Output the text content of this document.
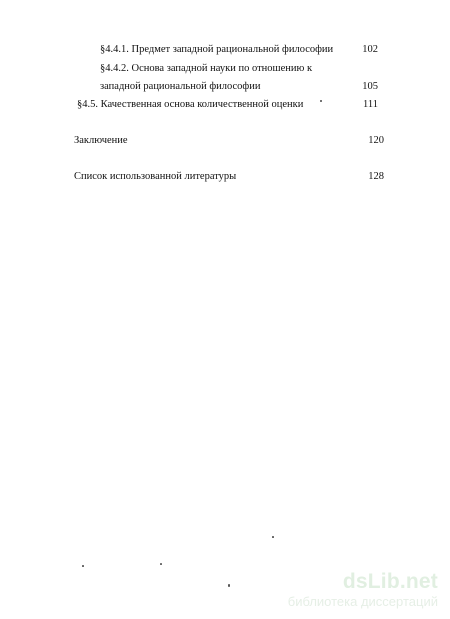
§4.4.1. Предмет западной рациональной философии	102
§4.4.2. Основа западной науки по отношению к
западной рациональной философии	105
§4.5. Качественная основа количественной оценки	111
Заключение	120
Список использованной литературы	128
dsLib.net
библиотека диссертаций
